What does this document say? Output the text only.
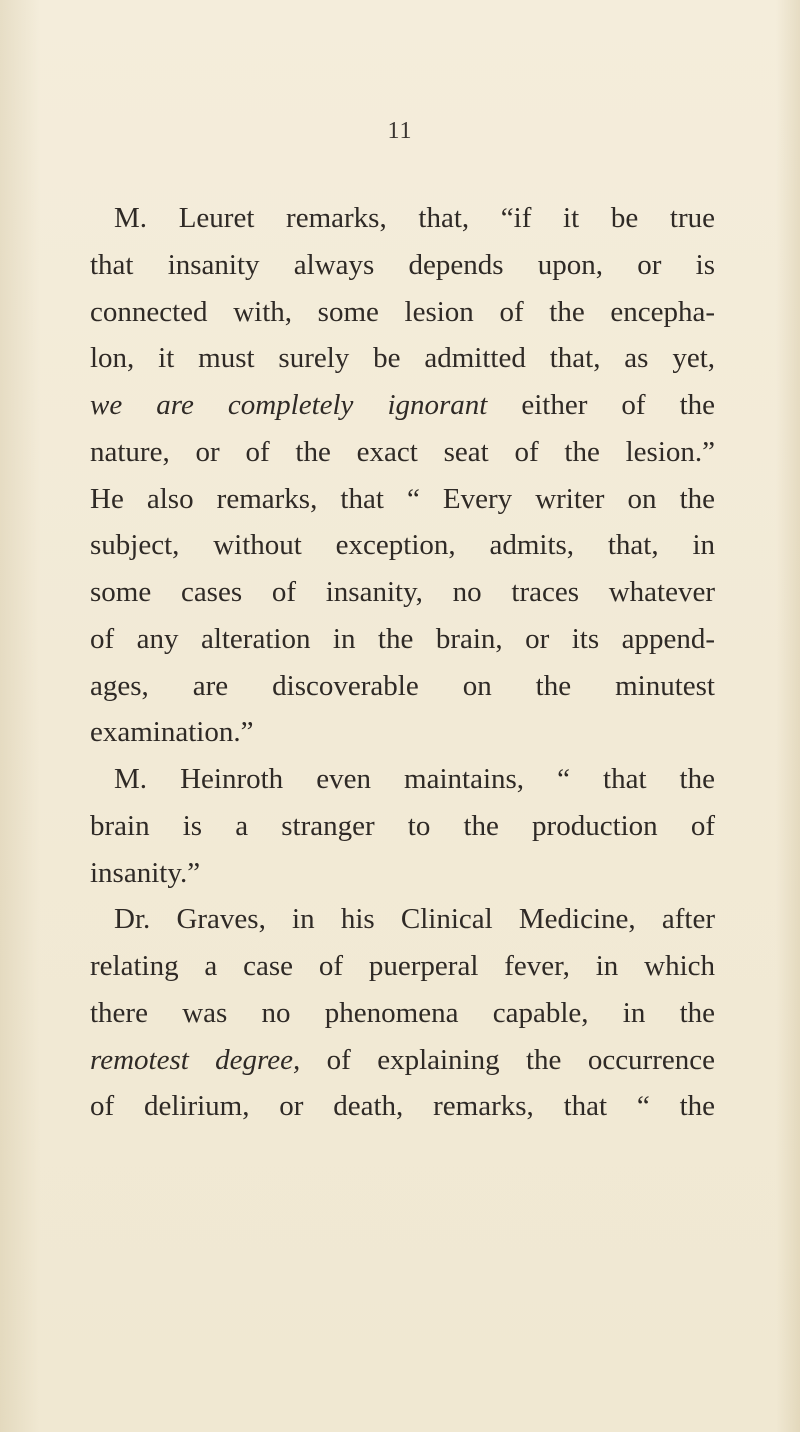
11
M. Leuret remarks, that, “if it be true
that insanity always depends upon, or is
connected with, some lesion of the encepha-
lon, it must surely be admitted that, as yet,
we are completely ignorant either of the
nature, or of the exact seat of the lesion.”
He also remarks, that “ Every writer on the
subject, without exception, admits, that, in
some cases of insanity, no traces whatever
of any alteration in the brain, or its append-
ages, are discoverable on the minutest
examination.”
M. Heinroth even maintains, “ that the
brain is a stranger to the production of
insanity.”
Dr. Graves, in his Clinical Medicine, after
relating a case of puerperal fever, in which
there was no phenomena capable, in the
remotest degree, of explaining the occurrence
of delirium, or death, remarks, that “ the
